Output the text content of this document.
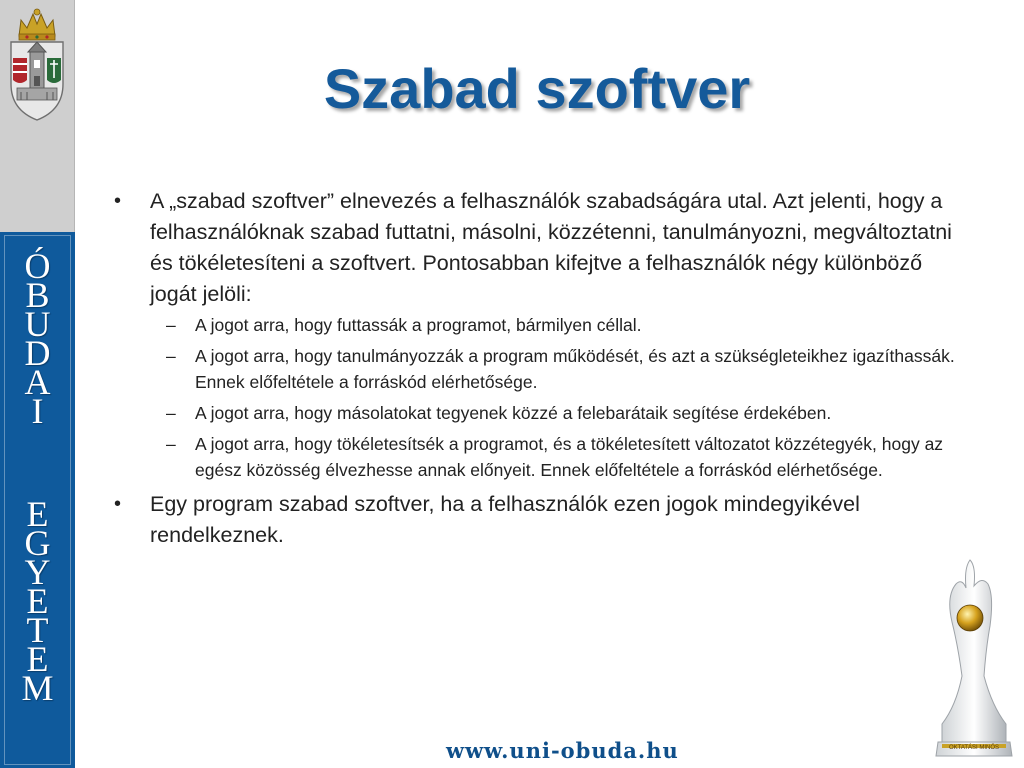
Ó
B
U
D
A
I
E
G
Y
E
T
E
M
Szabad szoftver
• A „szabad szoftver” elnevezés a felhasználók szabadságára utal. Azt jelenti, hogy a felhasználóknak szabad futtatni, másolni, közzétenni, tanulmányozni, megváltoztatni és tökéletesíteni a szoftvert. Pontosabban kifejtve a felhasználók négy különböző jogát jelöli:
– A jogot arra, hogy futtassák a programot, bármilyen céllal.
– A jogot arra, hogy tanulmányozzák a program működését, és azt a szükségleteikhez igazíthassák. Ennek előfeltétele a forráskód elérhetősége.
– A jogot arra, hogy másolatokat tegyenek közzé a felebarátaik segítése érdekében.
– A jogot arra, hogy tökéletesítsék a programot, és a tökéletesített változatot közzétegyék, hogy az egész közösség élvezhesse annak előnyeit. Ennek előfeltétele a forráskód elérhetősége.
• Egy program szabad szoftver, ha a felhasználók ezen jogok mindegyikével rendelkeznek.
OKTATÁSI MINŐS
www.uni-obuda.hu
